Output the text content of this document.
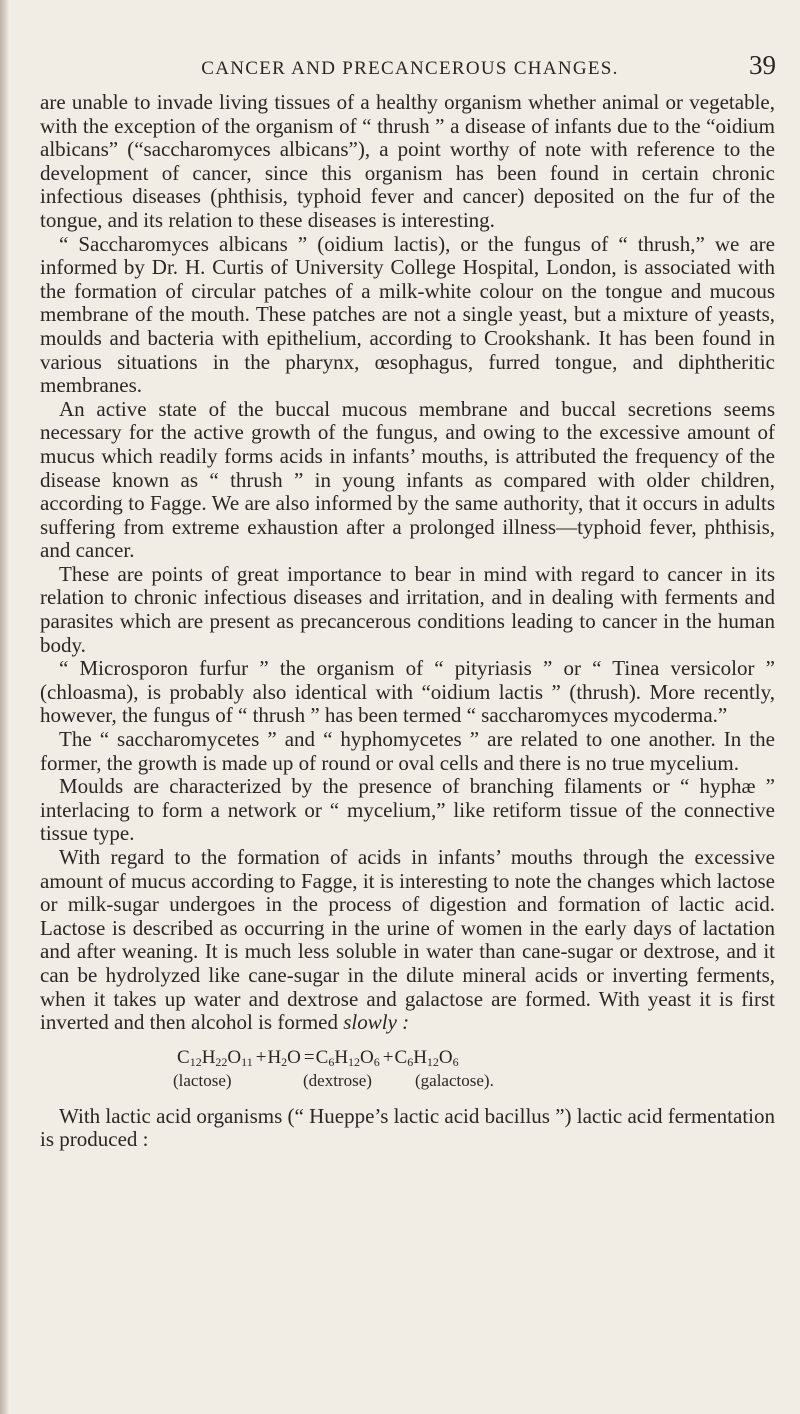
CANCER AND PRECANCEROUS CHANGES.	39

are unable to invade living tissues of a healthy organism whether animal or vegetable, with the exception of the organism of “ thrush ” a disease of infants due to the “oidium albicans” (“saccharomyces albicans”), a point worthy of note with reference to the development of cancer, since this organism has been found in certain chronic infectious diseases (phthisis, typhoid fever and cancer) deposited on the fur of the tongue, and its relation to these diseases is interesting.

“ Saccharomyces albicans ” (oidium lactis), or the fungus of “ thrush,” we are informed by Dr. H. Curtis of University College Hospital, London, is associated with the formation of circular patches of a milk-white colour on the tongue and mucous membrane of the mouth. These patches are not a single yeast, but a mixture of yeasts, moulds and bacteria with epithelium, according to Crookshank. It has been found in various situations in the pharynx, œsophagus, furred tongue, and diphtheritic membranes.

An active state of the buccal mucous membrane and buccal secretions seems necessary for the active growth of the fungus, and owing to the excessive amount of mucus which readily forms acids in infants’ mouths, is attributed the frequency of the disease known as “ thrush ” in young infants as compared with older children, according to Fagge. We are also informed by the same authority, that it occurs in adults suffering from extreme exhaustion after a prolonged illness—typhoid fever, phthisis, and cancer.

These are points of great importance to bear in mind with regard to cancer in its relation to chronic infectious diseases and irritation, and in dealing with ferments and parasites which are present as precancerous conditions leading to cancer in the human body.

“ Microsporon furfur ” the organism of “ pityriasis ” or “ Tinea versicolor ” (chloasma), is probably also identical with “oidium lactis ” (thrush). More recently, however, the fungus of “ thrush ” has been termed “ saccharomyces mycoderma.”

The “ saccharomycetes ” and “ hyphomycetes ” are related to one another. In the former, the growth is made up of round or oval cells and there is no true mycelium.

Moulds are characterized by the presence of branching filaments or “ hyphæ ” interlacing to form a network or “ mycelium,” like retiform tissue of the connective tissue type.

With regard to the formation of acids in infants’ mouths through the excessive amount of mucus according to Fagge, it is interesting to note the changes which lactose or milk-sugar undergoes in the process of digestion and formation of lactic acid. Lactose is described as occurring in the urine of women in the early days of lactation and after weaning. It is much less soluble in water than cane-sugar or dextrose, and it can be hydrolyzed like cane-sugar in the dilute mineral acids or inverting ferments, when it takes up water and dextrose and galactose are formed. With yeast it is first inverted and then alcohol is formed slowly :

$C_{12}H_{22}O_{11} +H_2O =C_6H_{12}O_6 +C_6H_{12}O_6$
(lactose)	(dextrose)	(galactose).

With lactic acid organisms (“ Hueppe’s lactic acid bacillus ”) lactic acid fermentation is produced :
